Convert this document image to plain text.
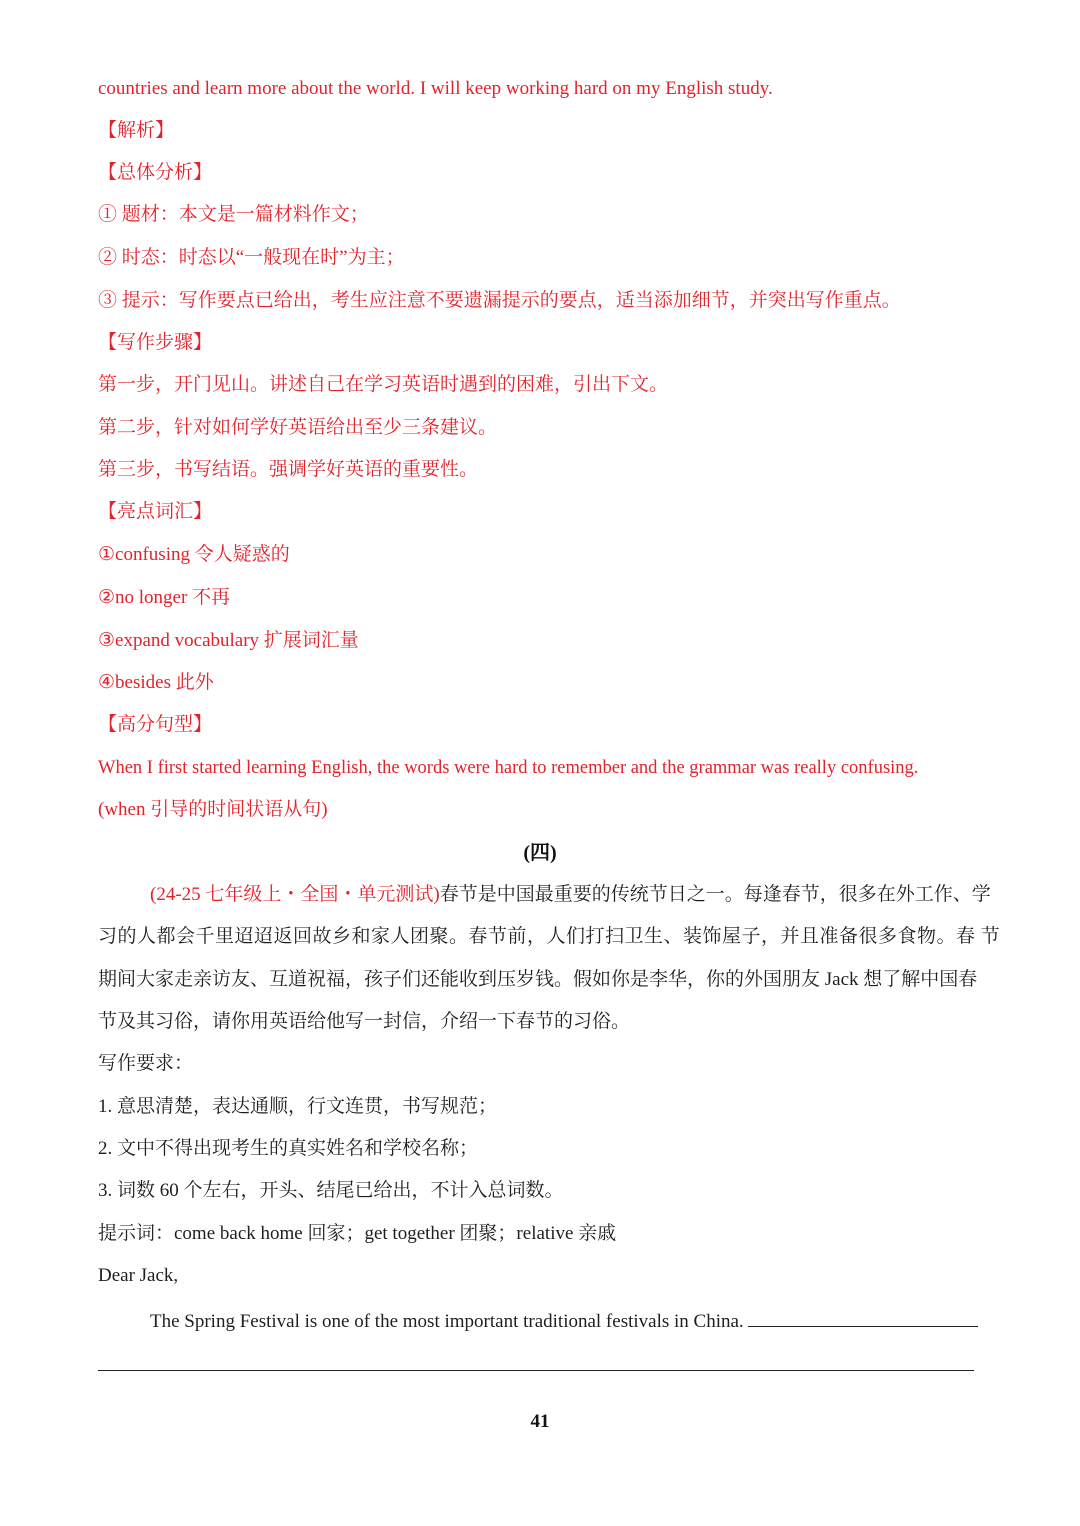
countries and learn more about the world. I will keep working hard on my English study.
【解析】
【总体分析】
① 题材：本文是一篇材料作文；
② 时态：时态以“一般现在时”为主；
③ 提示：写作要点已给出，考生应注意不要遗漏提示的要点，适当添加细节，并突出写作重点。
【写作步骤】
第一步，开门见山。讲述自己在学习英语时遇到的困难，引出下文。
第二步，针对如何学好英语给出至少三条建议。
第三步，书写结语。强调学好英语的重要性。
【亮点词汇】
①confusing 令人疑惑的
②no longer 不再
③expand vocabulary 扩展词汇量
④besides 此外
【高分句型】
When I first started learning English, the words were hard to remember and the grammar was really confusing.
(when 引导的时间状语从句)
(四)
(24-25 七年级上・全国・单元测试)春节是中国最重要的传统节日之一。每逢春节，很多在外工作、学
习的人都会千里迢迢返回故乡和家人团聚。春节前，人们打扫卫生、装饰屋子，并且准备很多食物。春 节
期间大家走亲访友、互道祝福，孩子们还能收到压岁钱。假如你是李华，你的外国朋友 Jack 想了解中国春
节及其习俗，请你用英语给他写一封信，介绍一下春节的习俗。
写作要求：
1. 意思清楚，表达通顺，行文连贯，书写规范；
2. 文中不得出现考生的真实姓名和学校名称；
3. 词数 60 个左右，开头、结尾已给出，不计入总词数。
提示词：come back home 回家；get together 团聚；relative 亲戚
Dear Jack,
The Spring Festival is one of the most important traditional festivals in China.
41
